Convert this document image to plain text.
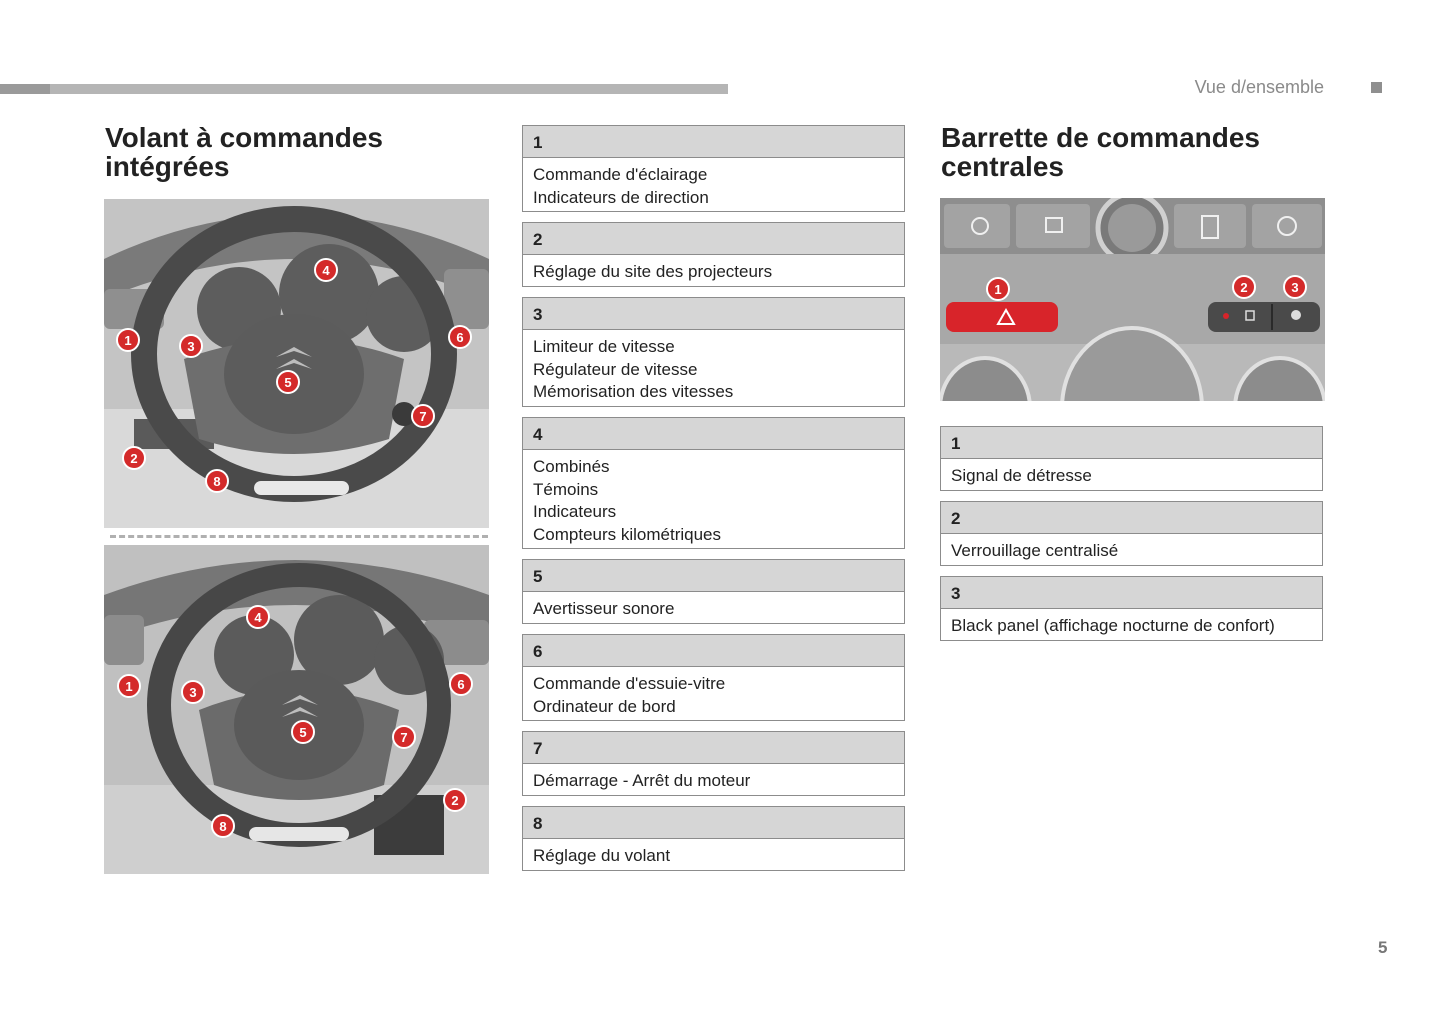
Vue d/ensemble
Volant à commandes
intégrées
1
2
3
4
5
6
7
8
1
2
3
4
5
6
7
8
1
Commande d'éclairage
Indicateurs de direction
2
Réglage du site des projecteurs
3
Limiteur de vitesse
Régulateur de vitesse
Mémorisation des vitesses
4
Combinés
Témoins
Indicateurs
Compteurs kilométriques
5
Avertisseur sonore
6
Commande d'essuie-vitre
Ordinateur de bord
7
Démarrage - Arrêt du moteur
8
Réglage du volant
Barrette de commandes
centrales
1	2	3
1
Signal de détresse
2
Verrouillage centralisé
3
Black panel (affichage nocturne de confort)
5
